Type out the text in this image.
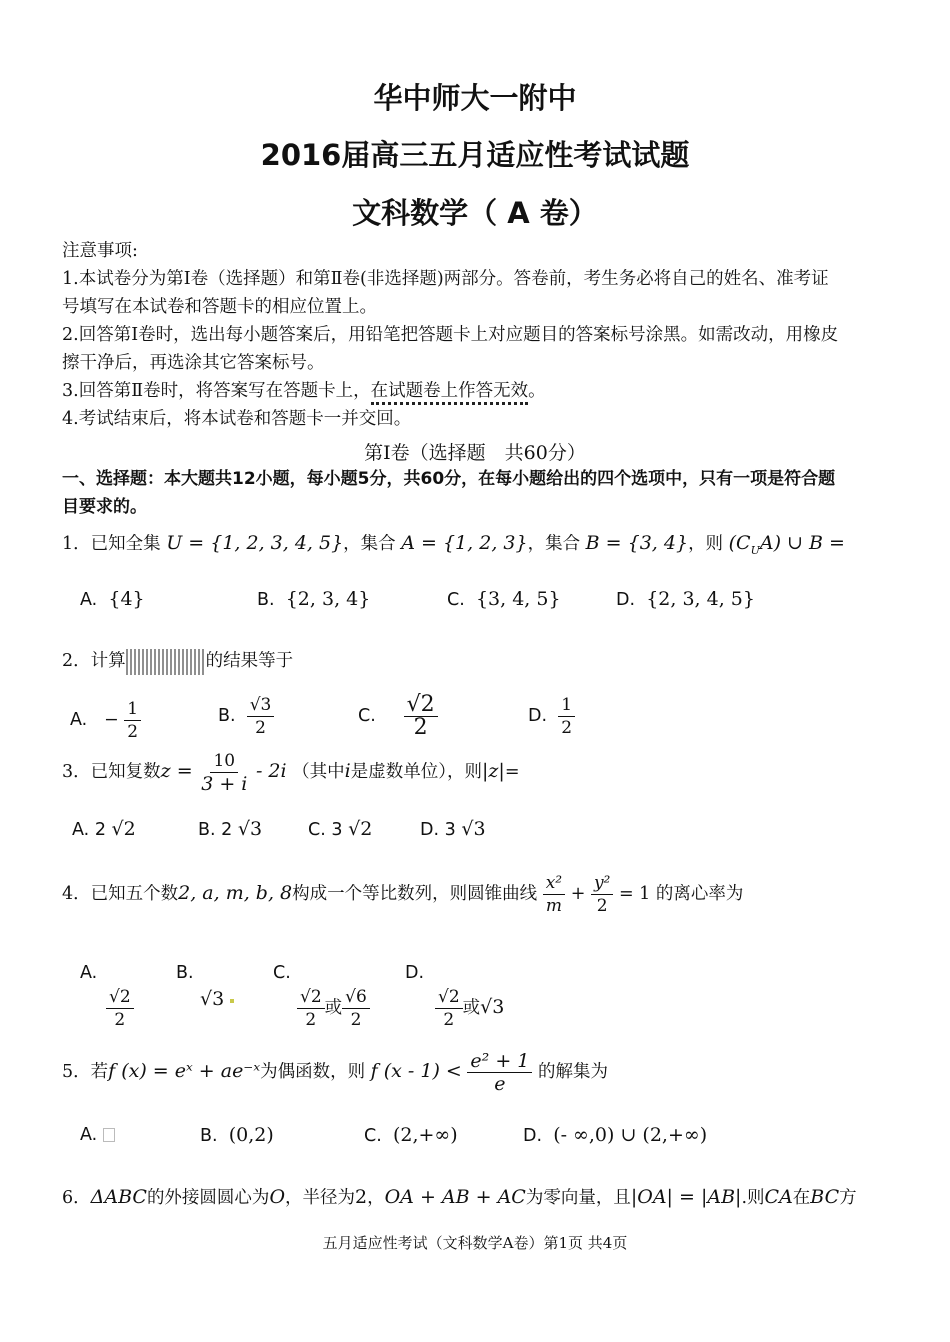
华中师大一附中
2016届高三五月适应性考试试题
文科数学（ A 卷）
注意事项:
1.本试卷分为第Ⅰ卷（选择题）和第Ⅱ卷(非选择题)两部分。答卷前，考生务必将自己的姓名、准考证
号填写在本试卷和答题卡的相应位置上。
2.回答第Ⅰ卷时，选出每小题答案后，用铅笔把答题卡上对应题目的答案标号涂黑。如需改动，用橡皮
擦干净后，再选涂其它答案标号。
3.回答第Ⅱ卷时，将答案写在答题卡上，在试题卷上作答无效。
4.考试结束后，将本试卷和答题卡一并交回。
第Ⅰ卷（选择题　共60分）
一、选择题：本大题共12小题，每小题5分，共60分，在每小题给出的四个选项中，只有一项是符合题
目要求的。
1．已知全集 U = {1, 2, 3, 4, 5}，集合 A = {1, 2, 3}，集合 B = {3, 4}，则 $(C_UA)$ ∪ B =
A. {4}	B. {2, 3, 4}	C. {3, 4, 5}	D. {2, 3, 4, 5}
2．计算	的结果等于
A. − $\frac{1}{2}$	B. $\frac{√3}{2}$	C. $\frac{√2}{2}$	D. $\frac{1}{2}$
3．已知复数$z = \frac{10}{3 + i} - 2i$ （其中i是虚数单位），则|z|=
A. 2 √2	B. 2 √3	C. 3 √2	D. 3 √3
4．已知五个数2, a, m, b, 8构成一个等比数列，则圆锥曲线 $\frac{\text{x²}}{m} + \frac{\text{y²}}{2} = 1$ 的离心率为
A.

$\frac{√2}{2}$
B.
√3
C.

$\frac{√2}{2}$ 或 $\frac{√6}{2}$
D.

$\frac{√2}{2}$ 或√3
5．若f (x) = eˣ + ae⁻ˣ为偶函数，则 f $(x - 1) < \frac{\text{e² + 1}}{e}$ 的解集为
A.	B. (0,2)	C. (2,+∞)	D. (- ∞,0) ∪ (2,+∞)
6．ΔABC的外接圆圆心为O，半径为2，OA + AB + AC为零向量，且|OA| = |AB|.则CA在BC方
五月适应性考试（文科数学A卷）第1页 共4页
